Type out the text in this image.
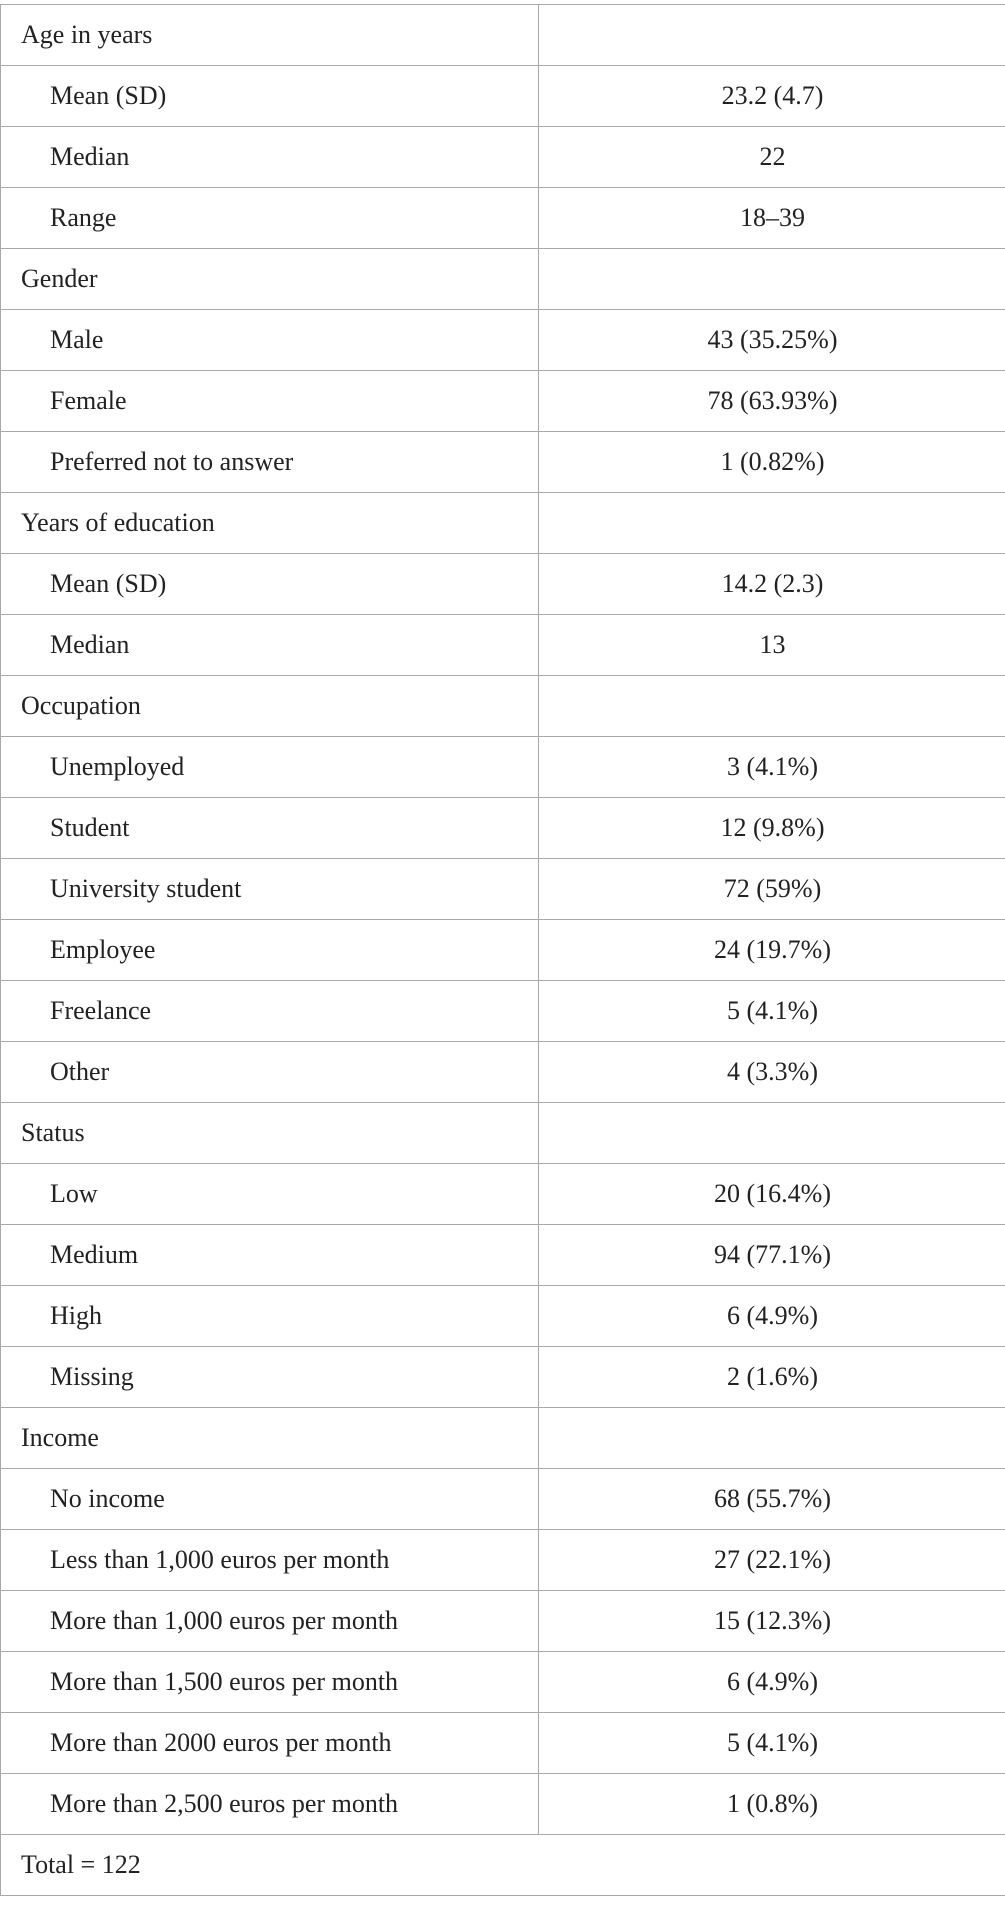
Age in years	

Mean (SD)	23.2 (4.7)

Median	22

Range	18–39

Gender	

Male	43 (35.25%)

Female	78 (63.93%)

Preferred not to answer	1 (0.82%)

Years of education	

Mean (SD)	14.2 (2.3)

Median	13

Occupation	

Unemployed	3 (4.1%)

Student	12 (9.8%)

University student	72 (59%)

Employee	24 (19.7%)

Freelance	5 (4.1%)

Other	4 (3.3%)

Status	

Low	20 (16.4%)

Medium	94 (77.1%)

High	6 (4.9%)

Missing	2 (1.6%)

Income	

No income	68 (55.7%)

Less than 1,000 euros per month	27 (22.1%)

More than 1,000 euros per month	15 (12.3%)

More than 1,500 euros per month	6 (4.9%)

More than 2000 euros per month	5 (4.1%)

More than 2,500 euros per month	1 (0.8%)

Total = 122	
